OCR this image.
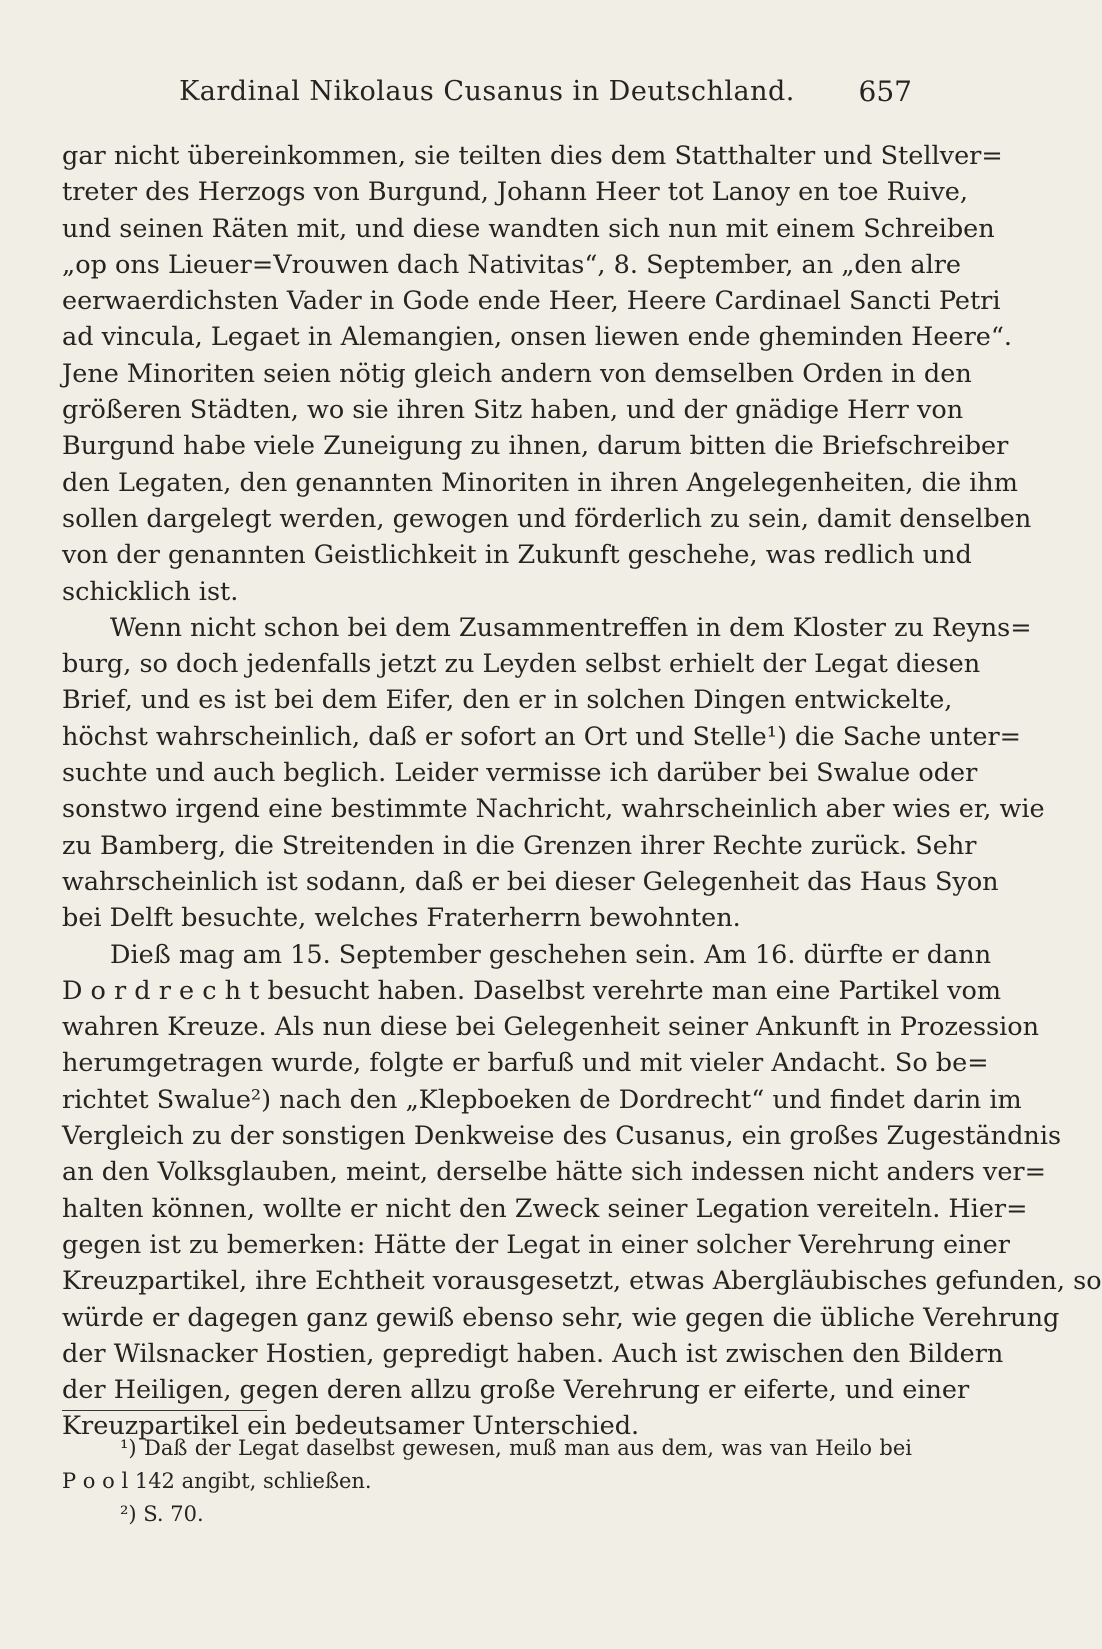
Kardinal Nikolaus Cusanus in Deutschland.	657
gar nicht übereinkommen, sie teilten dies dem Statthalter und Stellver=
treter des Herzogs von Burgund, Johann Heer tot Lanoy en toe Ruive,
und seinen Räten mit, und diese wandten sich nun mit einem Schreiben
„op ons Lieuer=Vrouwen dach Nativitas“, 8. September, an „den alre
eerwaerdichsten Vader in Gode ende Heer, Heere Cardinael Sancti Petri
ad vincula, Legaet in Alemangien, onsen liewen ende gheminden Heere“.
Jene Minoriten seien nötig gleich andern von demselben Orden in den
größeren Städten, wo sie ihren Sitz haben, und der gnädige Herr von
Burgund habe viele Zuneigung zu ihnen, darum bitten die Briefschreiber
den Legaten, den genannten Minoriten in ihren Angelegenheiten, die ihm
sollen dargelegt werden, gewogen und förderlich zu sein, damit denselben
von der genannten Geistlichkeit in Zukunft geschehe, was redlich und
schicklich ist.
Wenn nicht schon bei dem Zusammentreffen in dem Kloster zu Reyns=
burg, so doch jedenfalls jetzt zu Leyden selbst erhielt der Legat diesen
Brief, und es ist bei dem Eifer, den er in solchen Dingen entwickelte,
höchst wahrscheinlich, daß er sofort an Ort und Stelle¹) die Sache unter=
suchte und auch beglich. Leider vermisse ich darüber bei Swalue oder
sonstwo irgend eine bestimmte Nachricht, wahrscheinlich aber wies er, wie
zu Bamberg, die Streitenden in die Grenzen ihrer Rechte zurück. Sehr
wahrscheinlich ist sodann, daß er bei dieser Gelegenheit das Haus Syon
bei Delft besuchte, welches Fraterherrn bewohnten.
Dieß mag am 15. September geschehen sein. Am 16. dürfte er dann
D o r d r e c h t besucht haben. Daselbst verehrte man eine Partikel vom
wahren Kreuze. Als nun diese bei Gelegenheit seiner Ankunft in Prozession
herumgetragen wurde, folgte er barfuß und mit vieler Andacht. So be=
richtet Swalue²) nach den „Klepboeken de Dordrecht“ und findet darin im
Vergleich zu der sonstigen Denkweise des Cusanus, ein großes Zugeständnis
an den Volksglauben, meint, derselbe hätte sich indessen nicht anders ver=
halten können, wollte er nicht den Zweck seiner Legation vereiteln. Hier=
gegen ist zu bemerken: Hätte der Legat in einer solcher Verehrung einer
Kreuzpartikel, ihre Echtheit vorausgesetzt, etwas Abergläubisches gefunden, so
würde er dagegen ganz gewiß ebenso sehr, wie gegen die übliche Verehrung
der Wilsnacker Hostien, gepredigt haben. Auch ist zwischen den Bildern
der Heiligen, gegen deren allzu große Verehrung er eiferte, und einer
Kreuzpartikel ein bedeutsamer Unterschied.
¹) Daß der Legat daselbst gewesen, muß man aus dem, was van Heilo bei
P o o l 142 angibt, schließen.
²) S. 70.
